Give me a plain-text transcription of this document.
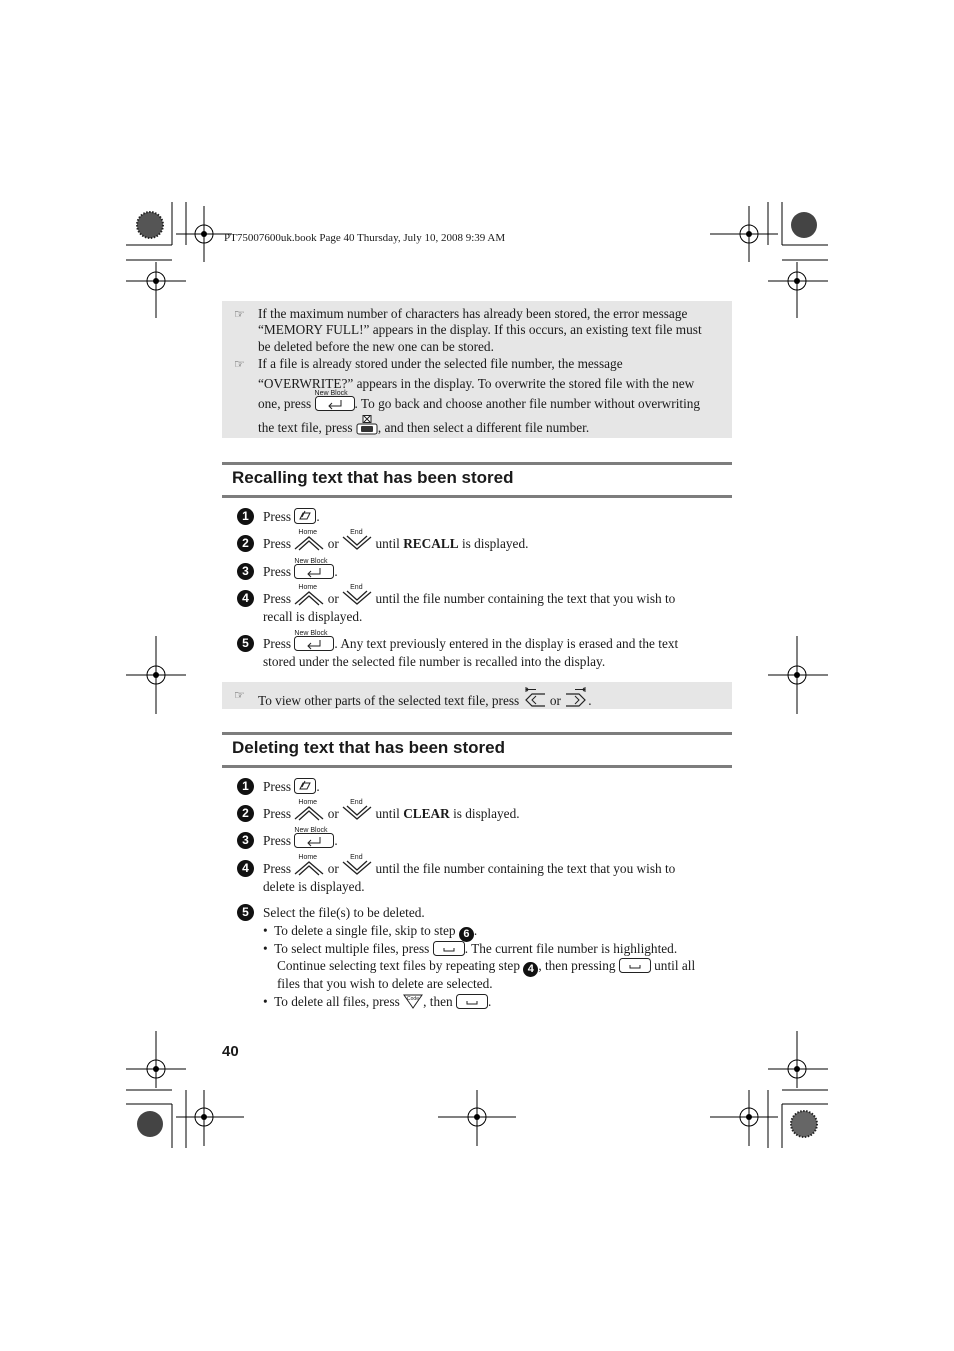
PT75007600uk.book Page 40 Thursday, July 10, 2008 9:39 AM
☞ If the maximum number of characters has already been stored, the error message

“MEMORY FULL!” appears in the display. If this occurs, an existing text file must

be deleted before the new one can be stored.

☞ If a file is already stored under the selected file number, the message

“OVERWRITE?” appears in the display. To overwrite the stored file with the new

one, press
New Block
. To go back and choose another file number without overwriting

the text file, press , and then select a different file number.

Recalling text that has been stored
1	Press .
2	Press
Home
or
End
until RECALL is displayed.
3	Press
New Block
.
4	Press
Home
or
End
until the file number containing the text that you wish to
recall is displayed.
5	Press
New Block
. Any text previously entered in the display is erased and the text
stored under the selected file number is recalled into the display.
☞ To view other parts of the selected text file, press or .

Deleting text that has been stored
1	Press .
2	Press
Home
or
End
until CLEAR is displayed.
3	Press
New Block
.
4	Press
Home
or
End
until the file number containing the text that you wish to
delete is displayed.
5	Select the file(s) to be deleted.
• To delete a single file, skip to step 6 .
• To select multiple files, press	. The current file number is highlighted.
Continue selecting text files by repeating step 4 , then pressing	until all
files that you wish to delete are selected.
• To delete all files, press Code , then	.
40
